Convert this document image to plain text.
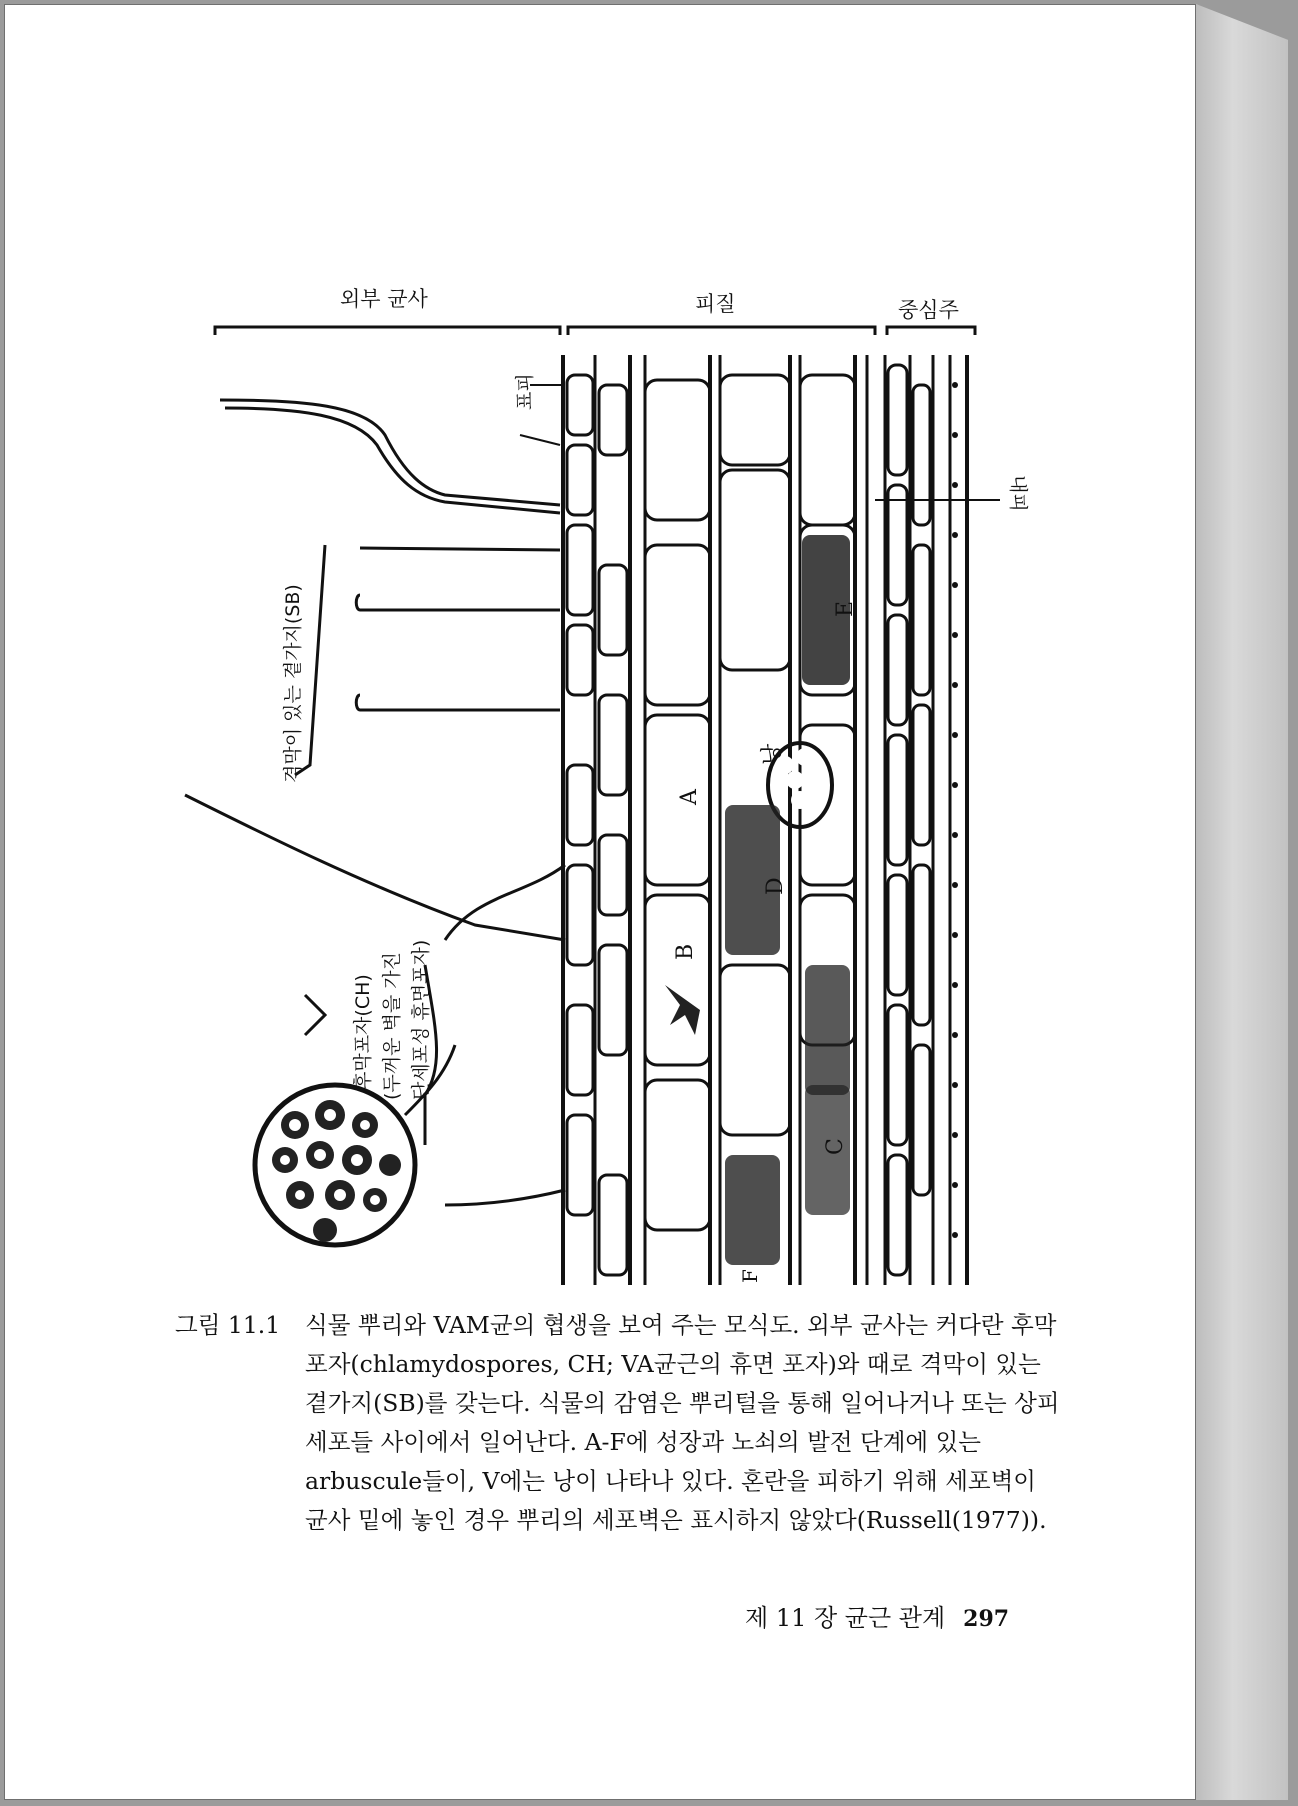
외부 균사	피질	중심주
표피
내피
격막이 있는 곁가지(SB)
후막포자(CH) (두꺼운 벽을 가진 단세포성 휴면포자)
낭
A
B
C
D
E
F
그림 11.1	식물 뿌리와 VAM균의 협생을 보여 주는 모식도. 외부 균사는 커다란 후막포자(chlamydospores, CH; VA균근의 휴면 포자)와 때로 격막이 있는 곁가지(SB)를 갖는다. 식물의 감염은 뿌리털을 통해 일어나거나 또는 상피세포들 사이에서 일어난다. A-F에 성장과 노쇠의 발전 단계에 있는 arbuscule들이, V에는 낭이 나타나 있다. 혼란을 피하기 위해 세포벽이 균사 밑에 놓인 경우 뿌리의 세포벽은 표시하지 않았다(Russell(1977)).
제 11 장 균근 관계 297
